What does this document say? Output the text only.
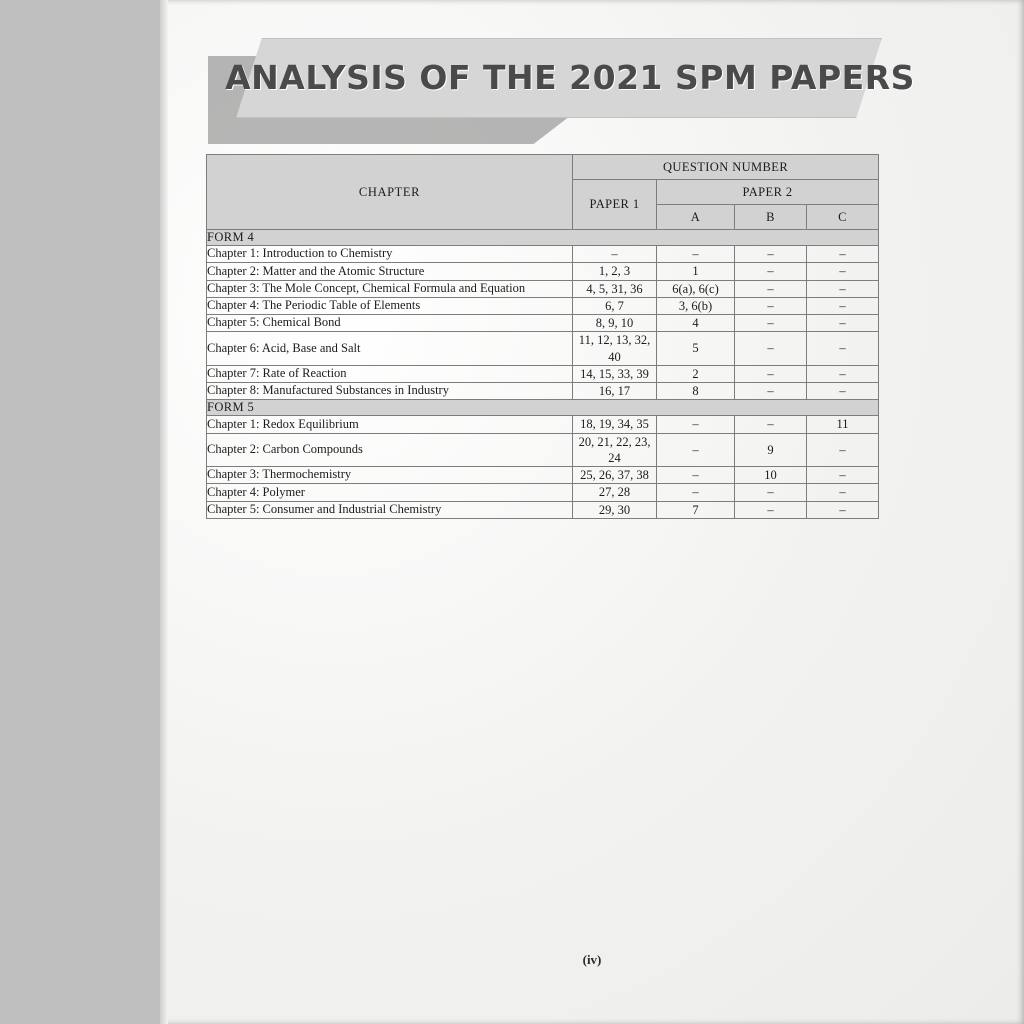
ANALYSIS OF THE 2021 SPM PAPERS
CHAPTER	QUESTION NUMBER			
	PAPER 1	PAPER 2		
		A	B	C
FORM 4				

Chapter 1: Introduction to Chemistry	–	–	–	–

Chapter 2: Matter and the Atomic Structure	1, 2, 3	1	–	–

Chapter 3: The Mole Concept, Chemical Formula and Equation	4, 5, 31, 36	6(a), 6(c)	–	–

Chapter 4: The Periodic Table of Elements	6, 7	3, 6(b)	–	–

Chapter 5: Chemical Bond	8, 9, 10	4	–	–

Chapter 6: Acid, Base and Salt	11, 12, 13, 32, 40	5	–	–

Chapter 7: Rate of Reaction	14, 15, 33, 39	2	–	–

Chapter 8: Manufactured Substances in Industry	16, 17	8	–	–
FORM 5				

Chapter 1: Redox Equilibrium	18, 19, 34, 35	–	–	11

Chapter 2: Carbon Compounds	20, 21, 22, 23, 24	–	9	–

Chapter 3: Thermochemistry	25, 26, 37, 38	–	10	–

Chapter 4: Polymer	27, 28	–	–	–

Chapter 5: Consumer and Industrial Chemistry	29, 30	7	–	–
(iv)
